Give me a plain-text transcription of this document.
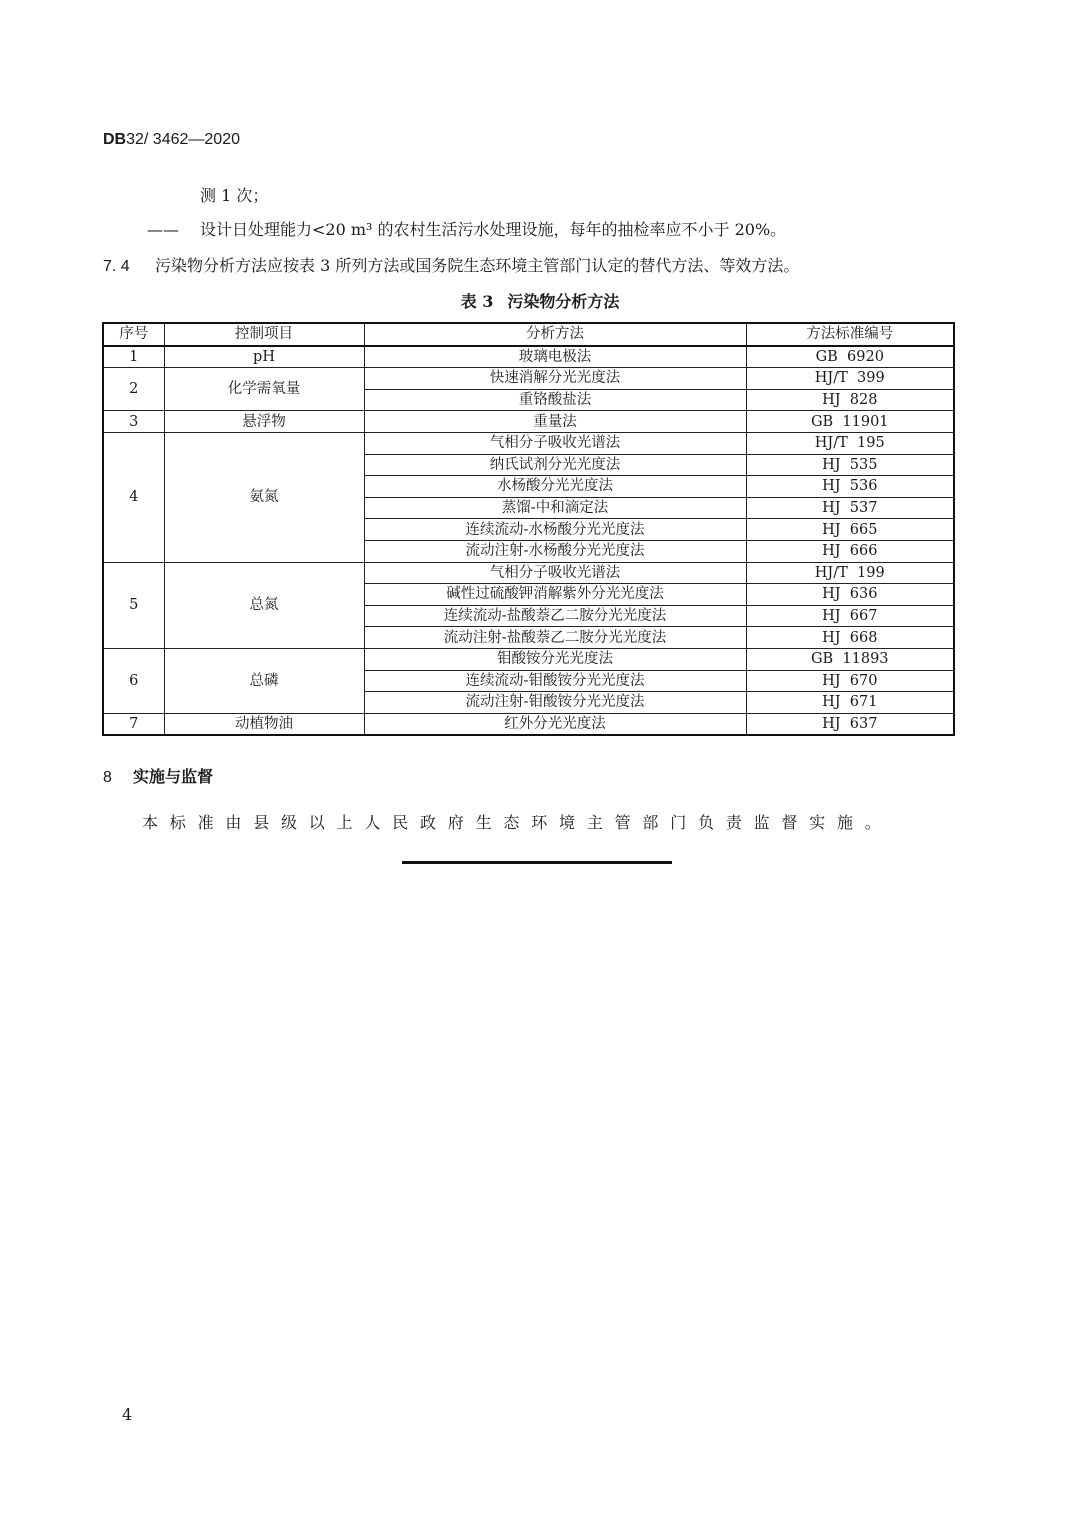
DB32/ 3462—2020
测 1 次；
—— 设计日处理能力<20 m³ 的农村生活污水处理设施，每年的抽检率应不小于 20%。
7. 4 污染物分析方法应按表 3 所列方法或国务院生态环境主管部门认定的替代方法、等效方法。
表 3 污染物分析方法
序号	控制项目	分析方法	方法标准编号
1	pH	玻璃电极法	GB  6920
2	化学需氧量	快速消解分光光度法	HJ/T  399
		重铬酸盐法	HJ  828
3	悬浮物	重量法	GB  11901
4	氨氮	气相分子吸收光谱法	HJ/T  195
		纳氏试剂分光光度法	HJ  535
		水杨酸分光光度法	HJ  536
		蒸馏-中和滴定法	HJ  537
		连续流动-水杨酸分光光度法	HJ  665
		流动注射-水杨酸分光光度法	HJ  666
5	总氮	气相分子吸收光谱法	HJ/T  199
		碱性过硫酸钾消解紫外分光光度法	HJ  636
		连续流动-盐酸萘乙二胺分光光度法	HJ  667
		流动注射-盐酸萘乙二胺分光光度法	HJ  668
6	总磷	钼酸铵分光光度法	GB  11893
		连续流动-钼酸铵分光光度法	HJ  670
		流动注射-钼酸铵分光光度法	HJ  671
7	动植物油	红外分光光度法	HJ  637
8 实施与监督
本标准由县级以上人民政府生态环境主管部门负责监督实施。
4
